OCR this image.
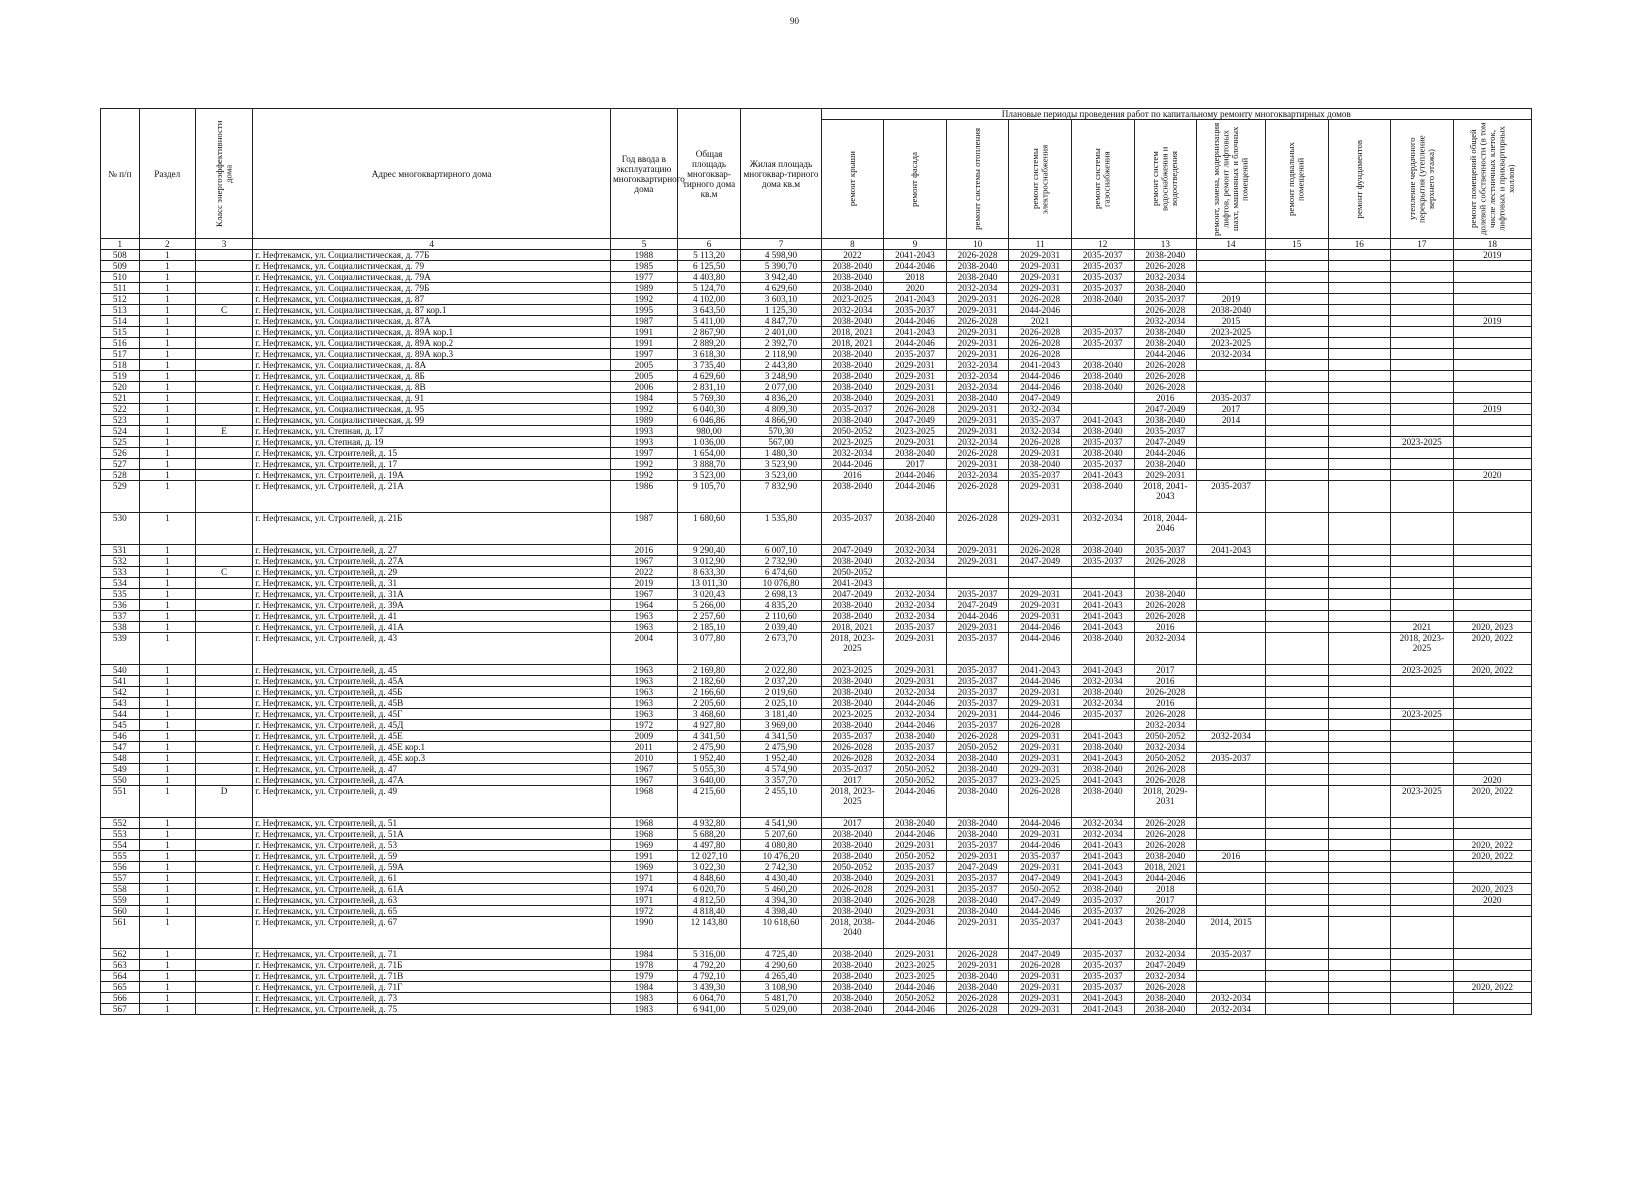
90
№ п/п	Раздел	Класс энергоэффективности дома	Адрес многоквартирного дома	Год ввода в эксплуатацию многоквартирного дома	Общая площадь многоквар-тирного дома кв.м	Жилая площадь многоквар-тирного дома кв.м	Плановые периоды проведения работ по капитальному ремонту многоквартирных домов										

							ремонт крыши	ремонт фасада	ремонт системы отопления	ремонт системы электроснабжения	ремонт системы газоснабжения	ремонт систем водоснабжения и водоотведения	ремонт, замена, модернизация лифтов, ремонт лифтовых шахт, машинных и блочных помещений	ремонт подвальных помещений	ремонт фундаментов	утепление чердачного перекрытия (утепление верхнего этажа)	ремонт помещений общей долевой собственности (в том числе лестничных клеток, лифтовых и приквартирных холлов)

1	2	3	4	5	6	7	8	9	10	11	12	13	14	15	16	17	18
508	1		г. Нефтекамск, ул. Социалистическая, д. 77Б	1988	5 113,20	4 598,90	2022	2041-2043	2026-2028	2029-2031	2035-2037	2038-2040					2019
509	1		г. Нефтекамск, ул. Социалистическая, д. 79	1985	6 125,50	5 390,70	2038-2040	2044-2046	2038-2040	2029-2031	2035-2037	2026-2028					
510	1		г. Нефтекамск, ул. Социалистическая, д. 79А	1977	4 403,80	3 942,40	2038-2040	2018	2038-2040	2029-2031	2035-2037	2032-2034					
511	1		г. Нефтекамск, ул. Социалистическая, д. 79Б	1989	5 124,70	4 629,60	2038-2040	2020	2032-2034	2029-2031	2035-2037	2038-2040					
512	1		г. Нефтекамск, ул. Социалистическая, д. 87	1992	4 102,00	3 603,10	2023-2025	2041-2043	2029-2031	2026-2028	2038-2040	2035-2037	2019				
513	1	C	г. Нефтекамск, ул. Социалистическая, д. 87 кор.1	1995	3 643,50	1 125,30	2032-2034	2035-2037	2029-2031	2044-2046		2026-2028	2038-2040				
514	1		г. Нефтекамск, ул. Социалистическая, д. 87А	1987	5 411,00	4 847,70	2038-2040	2044-2046	2026-2028	2021		2032-2034	2015				2019
515	1		г. Нефтекамск, ул. Социалистическая, д. 89А кор.1	1991	2 867,90	2 401,00	2018, 2021	2041-2043	2029-2031	2026-2028	2035-2037	2038-2040	2023-2025				
516	1		г. Нефтекамск, ул. Социалистическая, д. 89А кор.2	1991	2 889,20	2 392,70	2018, 2021	2044-2046	2029-2031	2026-2028	2035-2037	2038-2040	2023-2025				
517	1		г. Нефтекамск, ул. Социалистическая, д. 89А кор.3	1997	3 618,30	2 118,90	2038-2040	2035-2037	2029-2031	2026-2028		2044-2046	2032-2034				
518	1		г. Нефтекамск, ул. Социалистическая, д. 8А	2005	3 735,40	2 443,80	2038-2040	2029-2031	2032-2034	2041-2043	2038-2040	2026-2028					
519	1		г. Нефтекамск, ул. Социалистическая, д. 8Б	2005	4 629,60	3 248,90	2038-2040	2029-2031	2032-2034	2044-2046	2038-2040	2026-2028					
520	1		г. Нефтекамск, ул. Социалистическая, д. 8В	2006	2 831,10	2 077,00	2038-2040	2029-2031	2032-2034	2044-2046	2038-2040	2026-2028					
521	1		г. Нефтекамск, ул. Социалистическая, д. 91	1984	5 769,30	4 836,20	2038-2040	2029-2031	2038-2040	2047-2049		2016	2035-2037				
522	1		г. Нефтекамск, ул. Социалистическая, д. 95	1992	6 040,30	4 809,30	2035-2037	2026-2028	2029-2031	2032-2034		2047-2049	2017				2019
523	1		г. Нефтекамск, ул. Социалистическая, д. 99	1989	6 046,86	4 866,90	2038-2040	2047-2049	2029-2031	2035-2037	2041-2043	2038-2040	2014				
524	1	E	г. Нефтекамск, ул. Степная, д. 17	1993	980,00	570,30	2050-2052	2023-2025	2029-2031	2032-2034	2038-2040	2035-2037					
525	1		г. Нефтекамск, ул. Степная, д. 19	1993	1 036,00	567,00	2023-2025	2029-2031	2032-2034	2026-2028	2035-2037	2047-2049				2023-2025	
526	1		г. Нефтекамск, ул. Строителей, д. 15	1997	1 654,00	1 480,30	2032-2034	2038-2040	2026-2028	2029-2031	2038-2040	2044-2046					
527	1		г. Нефтекамск, ул. Строителей, д. 17	1992	3 888,70	3 523,90	2044-2046	2017	2029-2031	2038-2040	2035-2037	2038-2040					
528	1		г. Нефтекамск, ул. Строителей, д. 19А	1992	3 523,00	3 523,00	2016	2044-2046	2032-2034	2035-2037	2041-2043	2029-2031					2020
529	1		г. Нефтекамск, ул. Строителей, д. 21А	1986	9 105,70	7 832,90	2038-2040	2044-2046	2026-2028	2029-2031	2038-2040	2018, 2041-2043	2035-2037				
530	1		г. Нефтекамск, ул. Строителей, д. 21Б	1987	1 680,60	1 535,80	2035-2037	2038-2040	2026-2028	2029-2031	2032-2034	2018, 2044-2046					
531	1		г. Нефтекамск, ул. Строителей, д. 27	2016	9 290,40	6 007,10	2047-2049	2032-2034	2029-2031	2026-2028	2038-2040	2035-2037	2041-2043				
532	1		г. Нефтекамск, ул. Строителей, д. 27А	1967	3 012,90	2 732,90	2038-2040	2032-2034	2029-2031	2047-2049	2035-2037	2026-2028					
533	1	C	г. Нефтекамск, ул. Строителей, д. 29	2022	8 633,30	6 474,60	2050-2052										
534	1		г. Нефтекамск, ул. Строителей, д. 31	2019	13 011,30	10 076,80	2041-2043										
535	1		г. Нефтекамск, ул. Строителей, д. 31А	1967	3 020,43	2 698,13	2047-2049	2032-2034	2035-2037	2029-2031	2041-2043	2038-2040					
536	1		г. Нефтекамск, ул. Строителей, д. 39А	1964	5 266,00	4 835,20	2038-2040	2032-2034	2047-2049	2029-2031	2041-2043	2026-2028					
537	1		г. Нефтекамск, ул. Строителей, д. 41	1963	2 257,60	2 110,60	2038-2040	2032-2034	2044-2046	2029-2031	2041-2043	2026-2028					
538	1		г. Нефтекамск, ул. Строителей, д. 41А	1963	2 185,10	2 039,40	2018, 2021	2035-2037	2029-2031	2044-2046	2041-2043	2016				2021	2020, 2023
539	1		г. Нефтекамск, ул. Строителей, д. 43	2004	3 077,80	2 673,70	2018, 2023-2025	2029-2031	2035-2037	2044-2046	2038-2040	2032-2034				2018, 2023-2025	2020, 2022
540	1		г. Нефтекамск, ул. Строителей, д. 45	1963	2 169,80	2 022,80	2023-2025	2029-2031	2035-2037	2041-2043	2041-2043	2017				2023-2025	2020, 2022
541	1		г. Нефтекамск, ул. Строителей, д. 45А	1963	2 182,60	2 037,20	2038-2040	2029-2031	2035-2037	2044-2046	2032-2034	2016					
542	1		г. Нефтекамск, ул. Строителей, д. 45Б	1963	2 166,60	2 019,60	2038-2040	2032-2034	2035-2037	2029-2031	2038-2040	2026-2028					
543	1		г. Нефтекамск, ул. Строителей, д. 45В	1963	2 205,60	2 025,10	2038-2040	2044-2046	2035-2037	2029-2031	2032-2034	2016					
544	1		г. Нефтекамск, ул. Строителей, д. 45Г	1963	3 468,60	3 181,40	2023-2025	2032-2034	2029-2031	2044-2046	2035-2037	2026-2028				2023-2025	
545	1		г. Нефтекамск, ул. Строителей, д. 45Д	1972	4 927,80	3 969,00	2038-2040	2044-2046	2035-2037	2026-2028		2032-2034					
546	1		г. Нефтекамск, ул. Строителей, д. 45Е	2009	4 341,50	4 341,50	2035-2037	2038-2040	2026-2028	2029-2031	2041-2043	2050-2052	2032-2034				
547	1		г. Нефтекамск, ул. Строителей, д. 45Е кор.1	2011	2 475,90	2 475,90	2026-2028	2035-2037	2050-2052	2029-2031	2038-2040	2032-2034					
548	1		г. Нефтекамск, ул. Строителей, д. 45Е кор.3	2010	1 952,40	1 952,40	2026-2028	2032-2034	2038-2040	2029-2031	2041-2043	2050-2052	2035-2037				
549	1		г. Нефтекамск, ул. Строителей, д. 47	1967	5 055,30	4 574,90	2035-2037	2050-2052	2038-2040	2029-2031	2038-2040	2026-2028					
550	1		г. Нефтекамск, ул. Строителей, д. 47А	1967	3 640,00	3 357,70	2017	2050-2052	2035-2037	2023-2025	2041-2043	2026-2028					2020
551	1	D	г. Нефтекамск, ул. Строителей, д. 49	1968	4 215,60	2 455,10	2018, 2023-2025	2044-2046	2038-2040	2026-2028	2038-2040	2018, 2029-2031				2023-2025	2020, 2022
552	1		г. Нефтекамск, ул. Строителей, д. 51	1968	4 932,80	4 541,90	2017	2038-2040	2038-2040	2044-2046	2032-2034	2026-2028					
553	1		г. Нефтекамск, ул. Строителей, д. 51А	1968	5 688,20	5 207,60	2038-2040	2044-2046	2038-2040	2029-2031	2032-2034	2026-2028					
554	1		г. Нефтекамск, ул. Строителей, д. 53	1969	4 497,80	4 080,80	2038-2040	2029-2031	2035-2037	2044-2046	2041-2043	2026-2028					2020, 2022
555	1		г. Нефтекамск, ул. Строителей, д. 59	1991	12 027,10	10 476,20	2038-2040	2050-2052	2029-2031	2035-2037	2041-2043	2038-2040	2016				2020, 2022
556	1		г. Нефтекамск, ул. Строителей, д. 59А	1969	3 022,30	2 742,30	2050-2052	2035-2037	2047-2049	2029-2031	2041-2043	2018, 2021					
557	1		г. Нефтекамск, ул. Строителей, д. 61	1971	4 848,60	4 430,40	2038-2040	2029-2031	2035-2037	2047-2049	2041-2043	2044-2046					
558	1		г. Нефтекамск, ул. Строителей, д. 61А	1974	6 020,70	5 460,20	2026-2028	2029-2031	2035-2037	2050-2052	2038-2040	2018					2020, 2023
559	1		г. Нефтекамск, ул. Строителей, д. 63	1971	4 812,50	4 394,30	2038-2040	2026-2028	2038-2040	2047-2049	2035-2037	2017					2020
560	1		г. Нефтекамск, ул. Строителей, д. 65	1972	4 818,40	4 398,40	2038-2040	2029-2031	2038-2040	2044-2046	2035-2037	2026-2028					
561	1		г. Нефтекамск, ул. Строителей, д. 67	1990	12 143,80	10 618,60	2018, 2038-2040	2044-2046	2029-2031	2035-2037	2041-2043	2038-2040	2014, 2015				
562	1		г. Нефтекамск, ул. Строителей, д. 71	1984	5 316,00	4 725,40	2038-2040	2029-2031	2026-2028	2047-2049	2035-2037	2032-2034	2035-2037				
563	1		г. Нефтекамск, ул. Строителей, д. 71Б	1978	4 792,20	4 290,60	2038-2040	2023-2025	2029-2031	2026-2028	2035-2037	2047-2049					
564	1		г. Нефтекамск, ул. Строителей, д. 71В	1979	4 792,10	4 265,40	2038-2040	2023-2025	2038-2040	2029-2031	2035-2037	2032-2034					
565	1		г. Нефтекамск, ул. Строителей, д. 71Г	1984	3 439,30	3 108,90	2038-2040	2044-2046	2038-2040	2029-2031	2035-2037	2026-2028					2020, 2022
566	1		г. Нефтекамск, ул. Строителей, д. 73	1983	6 064,70	5 481,70	2038-2040	2050-2052	2026-2028	2029-2031	2041-2043	2038-2040	2032-2034				
567	1		г. Нефтекамск, ул. Строителей, д. 75	1983	6 941,00	5 029,00	2038-2040	2044-2046	2026-2028	2029-2031	2041-2043	2038-2040	2032-2034				
